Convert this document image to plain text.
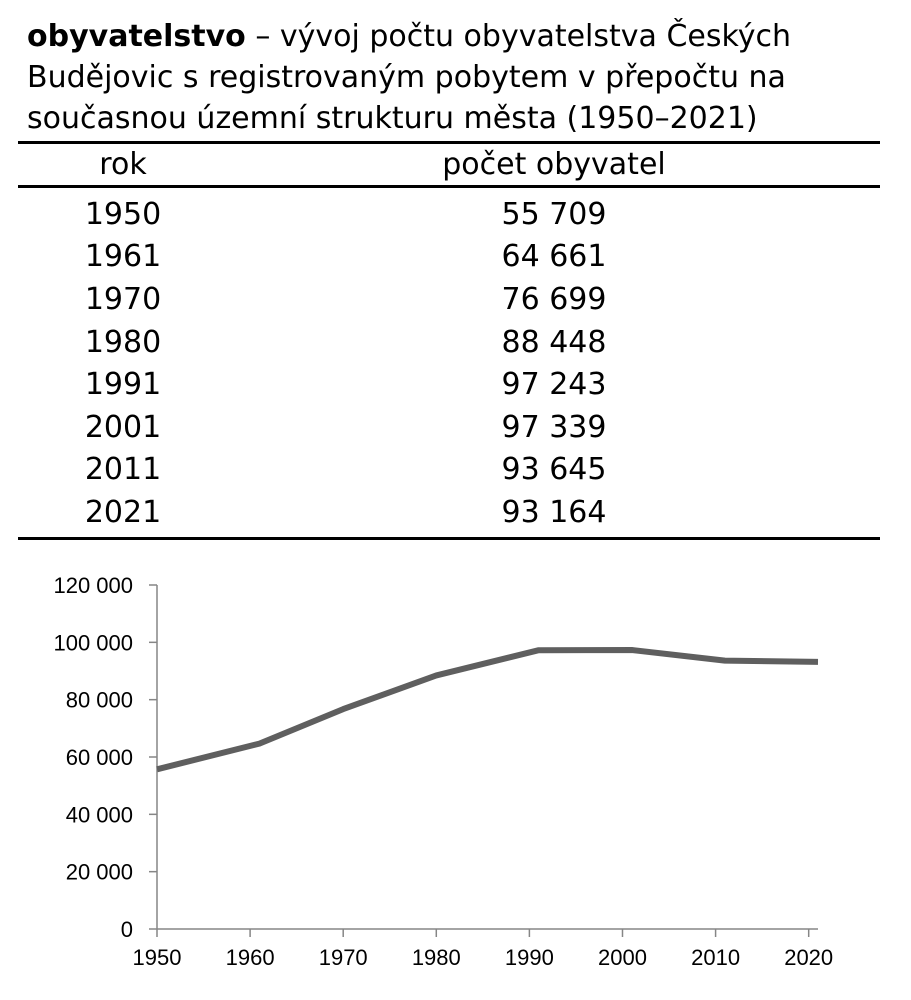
obyvatelstvo – vývoj počtu obyvatelstva Českých Budějovic s registrovaným pobytem v přepočtu na současnou územní strukturu města (1950–2021)
rok	počet obyvatel
1950	55 709
1961	64 661
1970	76 699
1980	88 448
1991	97 243
2001	97 339
2011	93 645
2021	93 164
0
20 000
40 000
60 000
80 000
100 000
120 000
1950 1960 1970 1980 1990 2000 2010 2020
